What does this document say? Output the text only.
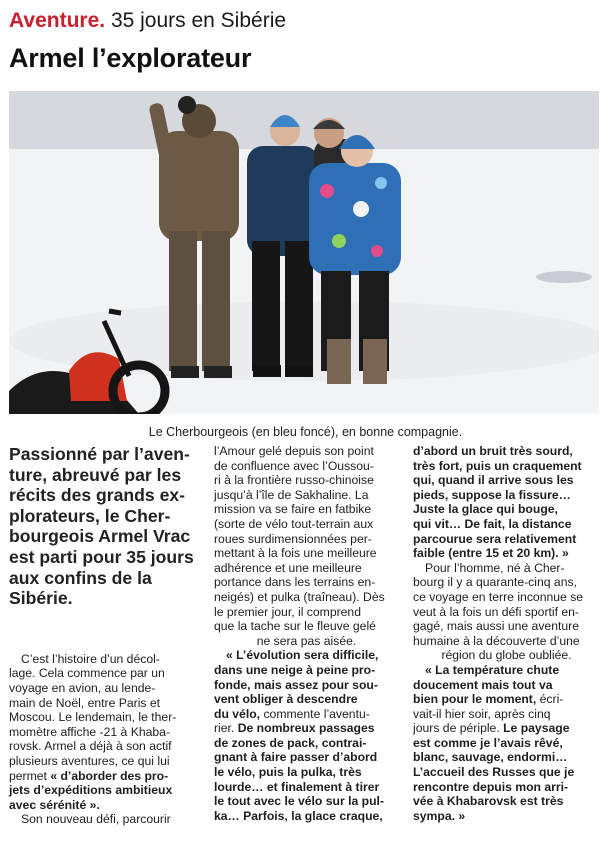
Aventure. 35 jours en Sibérie
Armel l’explorateur
Le Cherbourgeois (en bleu foncé), en bonne compagnie.

Passionné par l’aven-

ture, abreuvé par les

récits des grands ex-

plorateurs, le Cher-

bourgeois Armel Vrac

est parti pour 35 jours

aux confins de la

Sibérie.

C’est l’histoire d’un décol-

lage. Cela commence par un

voyage en avion, au lende-

main de Noël, entre Paris et

Moscou. Le lendemain, le ther-

momètre affiche -21 à Khaba-

rovsk. Armel a déjà à son actif

plusieurs aventures, ce qui lui

permet « d’aborder des pro-

jets d’expéditions ambitieux

avec sérénité ».

Son nouveau défi, parcourir

l’Amour gelé depuis son point

de confluence avec l’Oussou-

ri à la frontière russo-chinoise

jusqu’à l’île de Sakhaline. La

mission va se faire en fatbike

(sorte de vélo tout-terrain aux

roues surdimensionnées per-

mettant à la fois une meilleure

adhérence et une meilleure

portance dans les terrains en-

neigés) et pulka (traîneau). Dès

le premier jour, il comprend

que la tache sur le fleuve gelé

ne sera pas aisée.

« L’évolution sera difficile,

dans une neige à peine pro-

fonde, mais assez pour sou-

vent obliger à descendre

du vélo, commente l’aventu-

rier. De nombreux passages

de zones de pack, contrai-

gnant à faire passer d’abord

le vélo, puis la pulka, très

lourde… et finalement à tirer

le tout avec le vélo sur la pul-

ka… Parfois, la glace craque,

d’abord un bruit très sourd,

très fort, puis un craquement

qui, quand il arrive sous les

pieds, suppose la fissure…

Juste la glace qui bouge,

qui vit… De fait, la distance

parcourue sera relativement

faible (entre 15 et 20 km). »

Pour l’homme, né à Cher-

bourg il y a quarante-cinq ans,

ce voyage en terre inconnue se

veut à la fois un défi sportif en-

gagé, mais aussi une aventure

humaine à la découverte d’une

région du globe oubliée.

« La température chute

doucement mais tout va

bien pour le moment, écri-

vait-il hier soir, après cinq

jours de périple. Le paysage

est comme je l’avais rêvé,

blanc, sauvage, endormi…

L’accueil des Russes que je

rencontre depuis mon arri-

vée à Khabarovsk est très

sympa. »
